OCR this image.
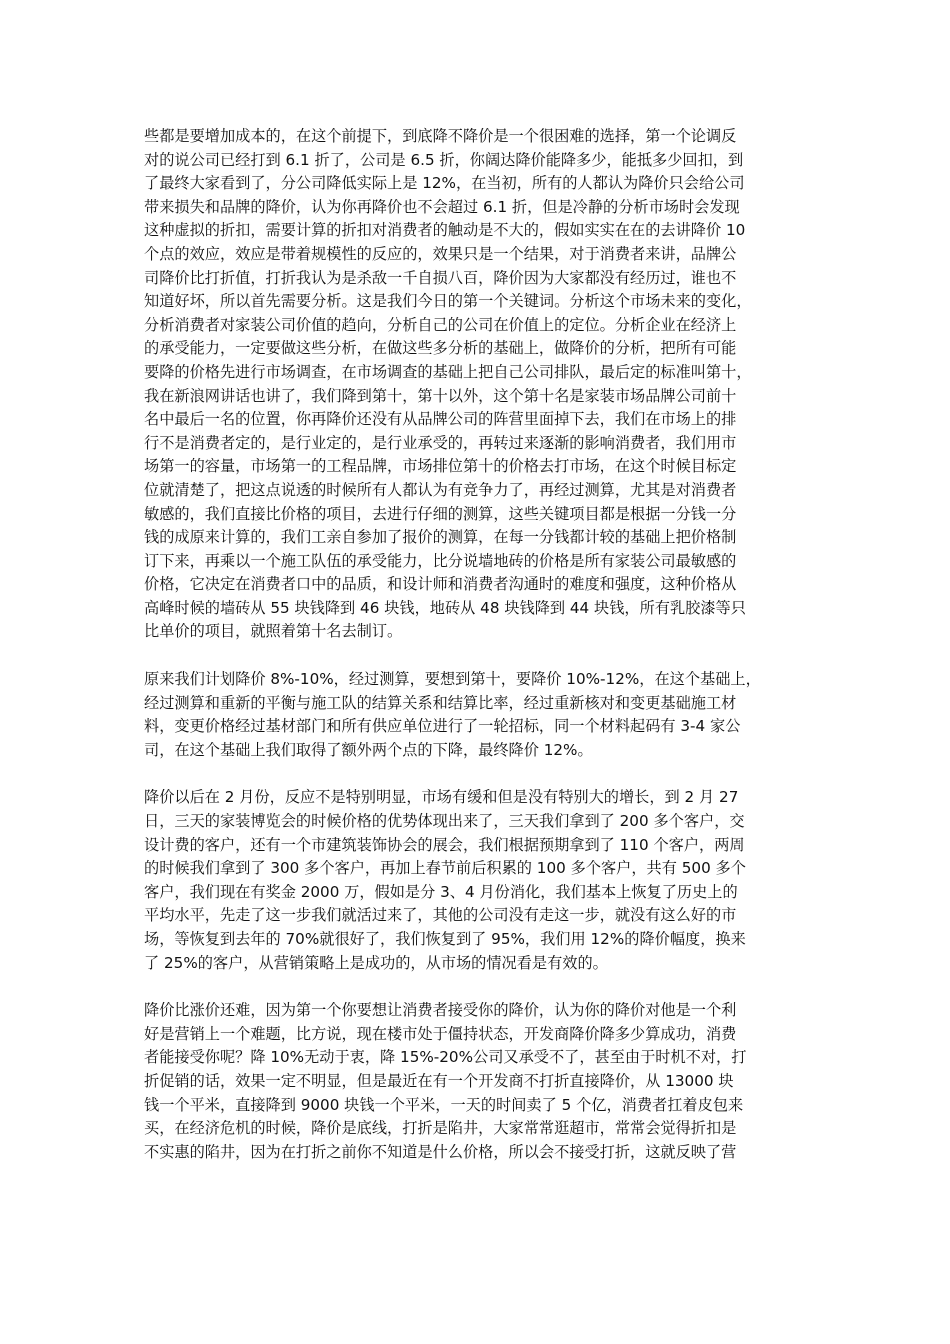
些都是要增加成本的，在这个前提下，到底降不降价是一个很困难的选择，第一个论调反
对的说公司已经打到 6.1 折了，公司是 6.5 折，你阔达降价能降多少，能抵多少回扣，到
了最终大家看到了，分公司降低实际上是 12%，在当初，所有的人都认为降价只会给公司
带来损失和品牌的降价，认为你再降价也不会超过 6.1 折，但是冷静的分析市场时会发现
这种虚拟的折扣，需要计算的折扣对消费者的触动是不大的，假如实实在在的去讲降价 10
个点的效应，效应是带着规模性的反应的，效果只是一个结果，对于消费者来讲，品牌公
司降价比打折值，打折我认为是杀敌一千自损八百，降价因为大家都没有经历过，谁也不
知道好坏，所以首先需要分析。这是我们今日的第一个关键词。分析这个市场未来的变化，
分析消费者对家装公司价值的趋向，分析自己的公司在价值上的定位。分析企业在经济上
的承受能力，一定要做这些分析，在做这些多分析的基础上，做降价的分析，把所有可能
要降的价格先进行市场调查，在市场调查的基础上把自己公司排队，最后定的标准叫第十，
我在新浪网讲话也讲了，我们降到第十，第十以外，这个第十名是家装市场品牌公司前十
名中最后一名的位置，你再降价还没有从品牌公司的阵营里面掉下去，我们在市场上的排
行不是消费者定的，是行业定的，是行业承受的，再转过来逐渐的影响消费者，我们用市
场第一的容量，市场第一的工程品牌，市场排位第十的价格去打市场，在这个时候目标定
位就清楚了，把这点说透的时候所有人都认为有竞争力了，再经过测算，尤其是对消费者
敏感的，我们直接比价格的项目，去进行仔细的测算，这些关键项目都是根据一分钱一分
钱的成原来计算的，我们工亲自参加了报价的测算，在每一分钱都计较的基础上把价格制
订下来，再乘以一个施工队伍的承受能力，比分说墙地砖的价格是所有家装公司最敏感的
价格，它决定在消费者口中的品质，和设计师和消费者沟通时的难度和强度，这种价格从
高峰时候的墙砖从 55 块钱降到 46 块钱，地砖从 48 块钱降到 44 块钱，所有乳胶漆等只
比单价的项目，就照着第十名去制订。
原来我们计划降价 8%-10%，经过测算，要想到第十，要降价 10%-12%，在这个基础上，
经过测算和重新的平衡与施工队的结算关系和结算比率，经过重新核对和变更基础施工材
料，变更价格经过基材部门和所有供应单位进行了一轮招标，同一个材料起码有 3-4 家公
司，在这个基础上我们取得了额外两个点的下降，最终降价 12%。
降价以后在 2 月份，反应不是特别明显，市场有缓和但是没有特别大的增长，到 2 月 27
日，三天的家装博览会的时候价格的优势体现出来了，三天我们拿到了 200 多个客户，交
设计费的客户，还有一个市建筑装饰协会的展会，我们根据预期拿到了 110 个客户，两周
的时候我们拿到了 300 多个客户，再加上春节前后积累的 100 多个客户，共有 500 多个
客户，我们现在有奖金 2000 万，假如是分 3、4 月份消化，我们基本上恢复了历史上的
平均水平，先走了这一步我们就活过来了，其他的公司没有走这一步，就没有这么好的市
场，等恢复到去年的 70%就很好了，我们恢复到了 95%，我们用 12%的降价幅度，换来
了 25%的客户，从营销策略上是成功的，从市场的情况看是有效的。
降价比涨价还难，因为第一个你要想让消费者接受你的降价，认为你的降价对他是一个利
好是营销上一个难题，比方说，现在楼市处于僵持状态，开发商降价降多少算成功，消费
者能接受你呢？降 10%无动于衷，降 15%-20%公司又承受不了，甚至由于时机不对，打
折促销的话，效果一定不明显，但是最近在有一个开发商不打折直接降价，从 13000 块
钱一个平米，直接降到 9000 块钱一个平米，一天的时间卖了 5 个亿，消费者扛着皮包来
买，在经济危机的时候，降价是底线，打折是陷井，大家常常逛超市，常常会觉得折扣是
不实惠的陷井，因为在打折之前你不知道是什么价格，所以会不接受打折，这就反映了营
